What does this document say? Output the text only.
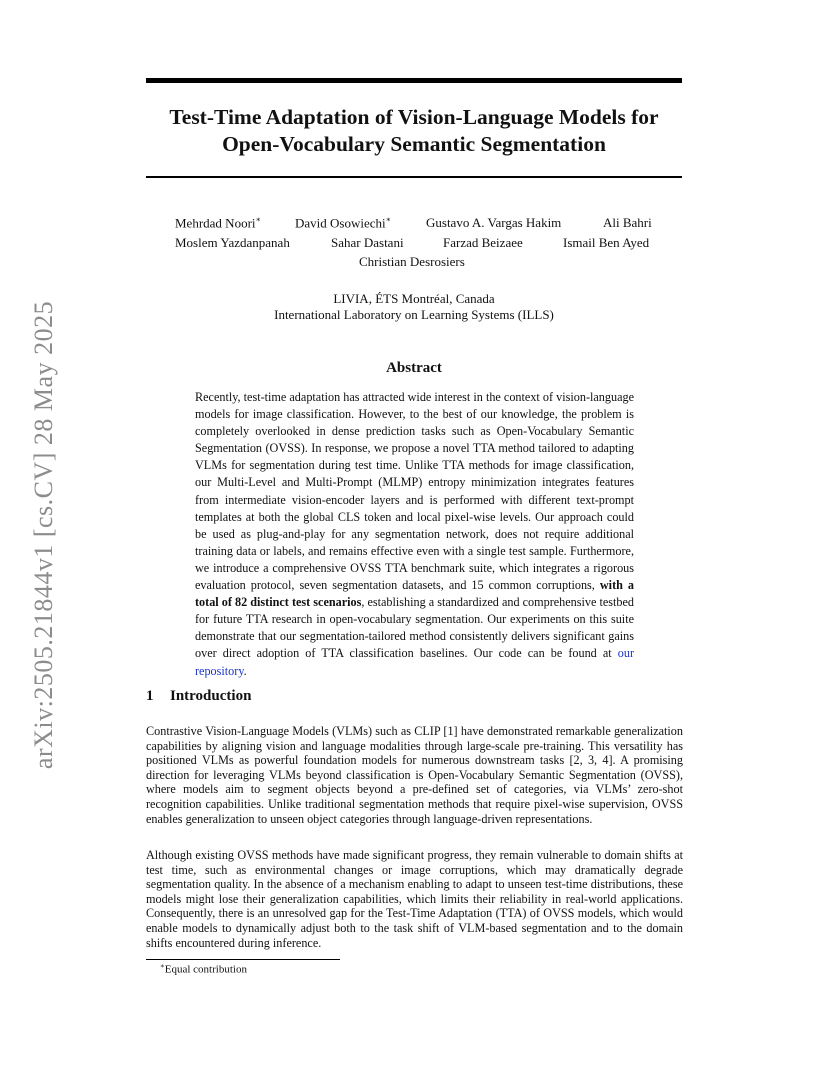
arXiv:2505.21844v1 [cs.CV] 28 May 2025
Test-Time Adaptation of Vision-Language Models for
Open-Vocabulary Semantic Segmentation
Mehrdad Noori∗	David Osowiechi∗	Gustavo A. Vargas Hakim	Ali Bahri
Moslem Yazdanpanah	Sahar Dastani	Farzad Beizaee	Ismail Ben Ayed
Christian Desrosiers
LIVIA, ÉTS Montréal, Canada
International Laboratory on Learning Systems (ILLS)
Abstract

Recently, test-time adaptation has attracted wide interest in the context of vision-language models for image classification. However, to the best of our knowledge, the problem is completely overlooked in dense prediction tasks such as Open-Vocabulary Semantic Segmentation (OVSS). In response, we propose a novel TTA method tailored to adapting VLMs for segmentation during test time. Unlike TTA methods for image classification, our Multi-Level and Multi-Prompt (MLMP) entropy minimization integrates features from intermediate vision-encoder layers and is performed with different text-prompt templates at both the global CLS token and local pixel-wise levels. Our approach could be used as plug-and-play for any segmentation network, does not require additional training data or labels, and remains effective even with a single test sample. Furthermore, we introduce a comprehensive OVSS TTA benchmark suite, which integrates a rigorous evaluation protocol, seven segmentation datasets, and 15 common corruptions, with a total of 82 distinct test scenarios, establishing a standardized and comprehensive testbed for future TTA research in open-vocabulary segmentation. Our experiments on this suite demonstrate that our segmentation-tailored method consistently delivers significant gains over direct adoption of TTA classification baselines. Our code can be found at our repository.

1 Introduction

Contrastive Vision-Language Models (VLMs) such as CLIP [1] have demonstrated remarkable generalization capabilities by aligning vision and language modalities through large-scale pre-training. This versatility has positioned VLMs as powerful foundation models for numerous downstream tasks [2, 3, 4]. A promising direction for leveraging VLMs beyond classification is Open-Vocabulary Semantic Segmentation (OVSS), where models aim to segment objects beyond a pre-defined set of categories, via VLMs’ zero-shot recognition capabilities. Unlike traditional segmentation methods that require pixel-wise supervision, OVSS enables generalization to unseen object categories through language-driven representations.

Although existing OVSS methods have made significant progress, they remain vulnerable to domain shifts at test time, such as environmental changes or image corruptions, which may dramatically degrade segmentation quality. In the absence of a mechanism enabling to adapt to unseen test-time distributions, these models might lose their generalization capabilities, which limits their reliability in real-world applications. Consequently, there is an unresolved gap for the Test-Time Adaptation (TTA) of OVSS models, which would enable models to dynamically adjust both to the task shift of VLM-based segmentation and to the domain shifts encountered during inference.

∗Equal contribution
